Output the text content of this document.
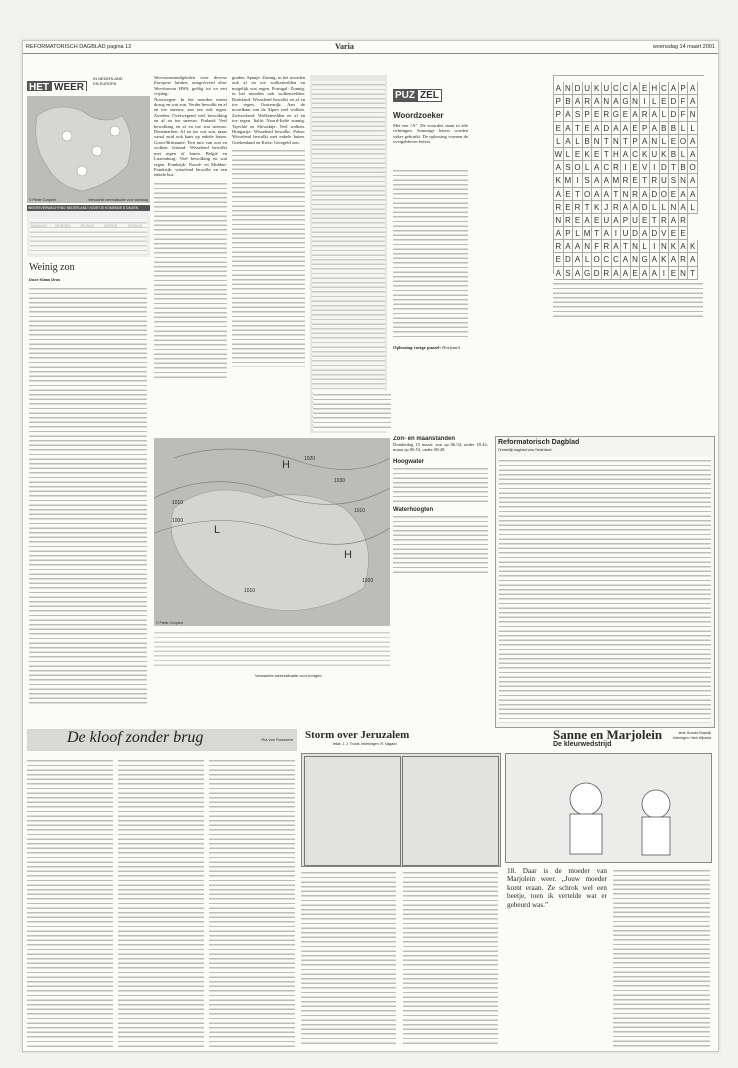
REFORMATORISCH DAGBLAD pagina 12	Varia	woensdag 14 maart 2001
HET WEER
IN NEDERLAND
EN EUROPA
© Pieter Coxyard	Verwachte weerssituatie voor vandaag
WEERSVERWACHTING NEDERLAND VOOR DE KOMENDE 5 DAGEN
Weinig zon
Door Klaas Dros
Weersomstandigheden voor diverse Europese landen, aangeleverd door Weerbureau HWS, geldig tot en met vrijdag:
Noorwegen: In het noorden meest droog en wat zon. Verder bewolkt en af en toe sneeuw, aan zee ook regen. Zweden: Overwegend veel bewolking en af en toe sneeuw. Finland: Veel bewolking en af en toe wat sneeuw. Denemarken: Af en toe wat zon, maar vanaf zuid ook kans op enkele buien. Groot-Brittannië: Een mix van zon en wolken. Ierland: Wisselend bewolkt met regen of buien. België en Luxemburg: Veel bewolking en wat regen. Frankrijk: Noord- en Midden-Frankrijk: wisselend bewolkt en een enkele bui.
graden. Spanje: Zonnig, in het noorden ook af en toe wolkenvelden en mogelijk wat regen. Portugal: Zonnig, in het noorden ook wolkenvelden. Duitsland: Wisselend bewolkt en af en toe regen. Oostenrijk: Aan de noordkant van de Alpen veel wolken. Zwitserland: Wolkenvelden en af en toe regen. Italië: Noord-Italië zonnig. Tsjechië en Slowakije: Veel wolken. Hongarije: Wisselend bewolkt. Polen: Wisselend bewolkt met enkele buien. Griekenland en Kreta: Geregeld zon.
PUZ ZEL
A N D U K U C C A E H C A P A
P B A R A N A G N I L E D F A
P A S P E R G E A R A L D F N
E A T E A D A A E P A B B L L
L A L B N T N T P A N L E O A
W L E K E T H A C K U K B L A
A S O L A C R I E V I D T B O
K M I S A A M R E T R U S N A
A E T O A A T N R A D O E A A
R E R T K J R A A D L L N A L
N R E A E U A P U E T R A R
A P L M T A I U D A D V E E
R A A N F R A T N L I N K A K
E D A L O C C A N G A K A R A
A S A G D R A A E A A I E N T
Woordzoeker
Met een “A”. De woorden staan in alle richtingen. Sommige letters worden vaker gebruikt. De oplossing vormen de overgebleven letters.
Oplossing vorige puzzel: Hoefsmid
Zon- en maanstanden
Donderdag 15 maart: zon op 06.54, onder 18.42; maan op 06.53, onder 08.49.
Hoogwater
Waterhoogten
Reformatorisch Dagblad
Christelijk dagblad voor Nederland
H
L
H
1020
1010
1000
1030
1010
1020
1010
© Pieter Coxyard
Verwachte weerssituatie voor morgen
De kloof zonder brug	Ria van Roessem Storm over Jeruzalem
tekst: J. J. Troost, tekeningen: R. Nagawi
Sanne en Marjolein
De kleurwedstrijd
tekst: Bouwke Klapwijk
tekeningen: Henk Wijnsma
18. Daar is de moeder van Marjolein weer. „Jouw moeder komt eraan. Ze schrok wel een beetje, toen ik vertelde wat er gebeurd was.”
